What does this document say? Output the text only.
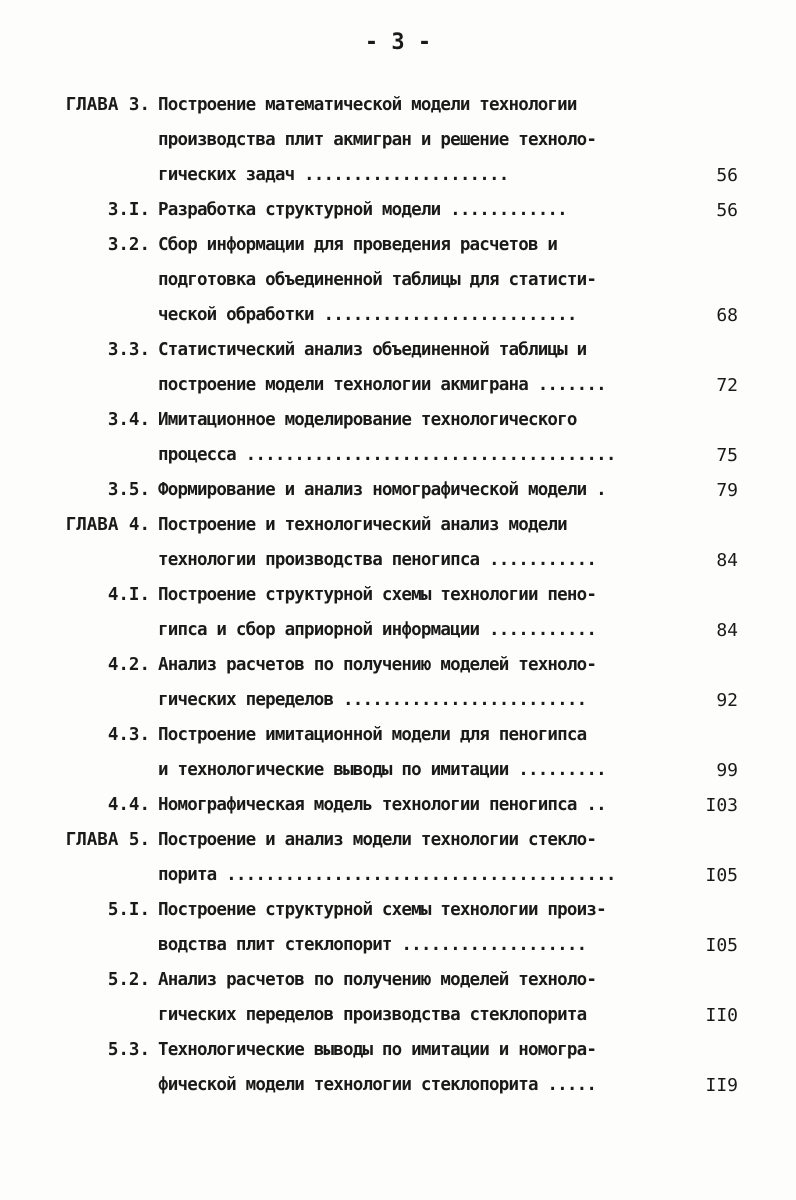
- 3 -
ГЛАВА 3. Построение математической модели технологии
производства плит акмигран и решение техноло-
гических задач .....................	56
3.I. Разработка структурной модели ............	56
3.2. Сбор информации для проведения расчетов и
подготовка объединенной таблицы для статисти-
ческой обработки ..........................	68
3.3. Статистический анализ объединенной таблицы и
построение модели технологии акмиграна .......	72
3.4. Имитационное моделирование технологического
процесса ......................................	75
3.5. Формирование и анализ номографической модели .	79
ГЛАВА 4. Построение и технологический анализ модели
технологии производства пеногипса ...........	84
4.I. Построение структурной схемы технологии пено-
гипса и сбор априорной информации ...........	84
4.2. Анализ расчетов по получению моделей техноло-
гических переделов .........................	92
4.3. Построение имитационной модели для пеногипса
и технологические выводы по имитации .........	99
4.4. Номографическая модель технологии пеногипса ..	I03
ГЛАВА 5. Построение и анализ модели технологии стекло-
порита ........................................	I05
5.I. Построение структурной схемы технологии произ-
водства плит стеклопорит ...................	I05
5.2. Анализ расчетов по получению моделей техноло-
гических переделов производства стеклопорита	II0
5.3. Технологические выводы по имитации и номогра-
фической модели технологии стеклопорита .....	II9
